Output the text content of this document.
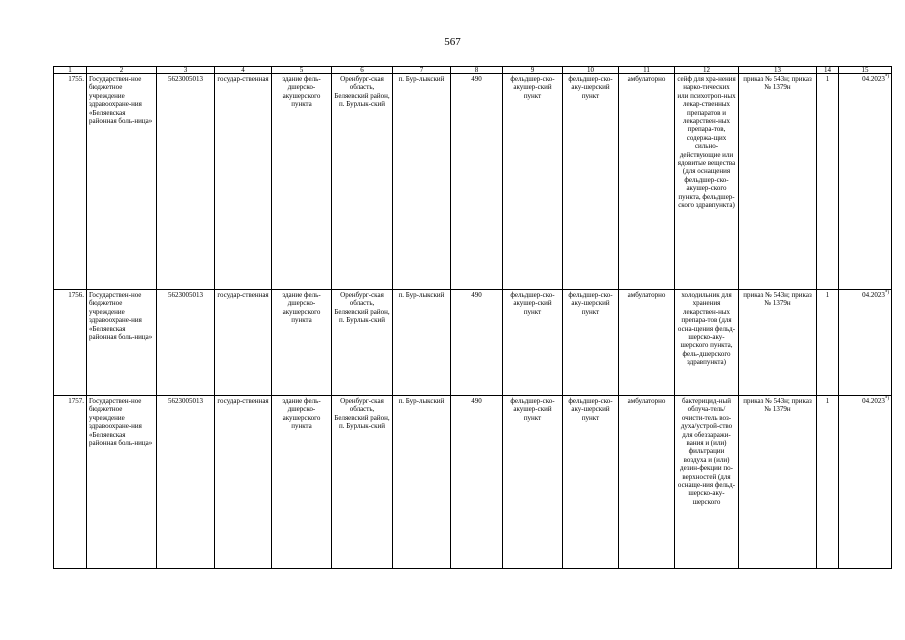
567
1	2	3	4	5	6	7	8	9	10	11	12	13	14	15
1755.	Государствен-ное бюджетное учреждение здравоохране-ния «Беляевская районная боль-ница»	5623005013	государ-ственная	здание фель-дшерско-акушерского пункта	Оренбург-ская область, Беляевский район, п. Бурлык-ский	п. Бур-лыкский	490	фельдшер-ско-акушер-ский пункт	фельдшер-ско-аку-шерский пункт	амбулаторно	сейф для хра-нения нарко-тических или психотроп-ных лекар-ственных препаратов и лекарствен-ных препара-тов, содержа-щих сильно-действующие или ядовитые вещества (для оснащения фельдшер-ско-акушер-ского пункта, фельдшер-ского здравпункта)	приказ № 543н; приказ № 1379н	1	04.2023*)
1756.	Государствен-ное бюджетное учреждение здравоохране-ния «Беляевская районная боль-ница»	5623005013	государ-ственная	здание фель-дшерско-акушерского пункта	Оренбург-ская область, Беляевский район, п. Бурлык-ский	п. Бур-лыкский	490	фельдшер-ско-акушер-ский пункт	фельдшер-ско-аку-шерский пункт	амбулаторно	холодильник для хранения лекарствен-ных препара-тов (для осна-щения фельд-шерско-аку-шерского пункта, фель-дшерского здравпункта)	приказ № 543н; приказ № 1379н	1	04.2023*)
1757.	Государствен-ное бюджетное учреждение здравоохране-ния «Беляевская районная боль-ница»	5623005013	государ-ственная	здание фель-дшерско-акушерского пункта	Оренбург-ская область, Беляевский район, п. Бурлык-ский	п. Бур-лыкский	490	фельдшер-ско-акушер-ский пункт	фельдшер-ско-аку-шерский пункт	амбулаторно	бактерицид-ный облуча-тель/очисти-тель воз-духа/устрой-ство для обеззаражи-вания и (или) фильтрации воздуха и (или) дезин-фекции по-верхностей (для оснаще-ния фельд-шерско-аку-шерского	приказ № 543н; приказ № 1379н	1	04.2023*)
